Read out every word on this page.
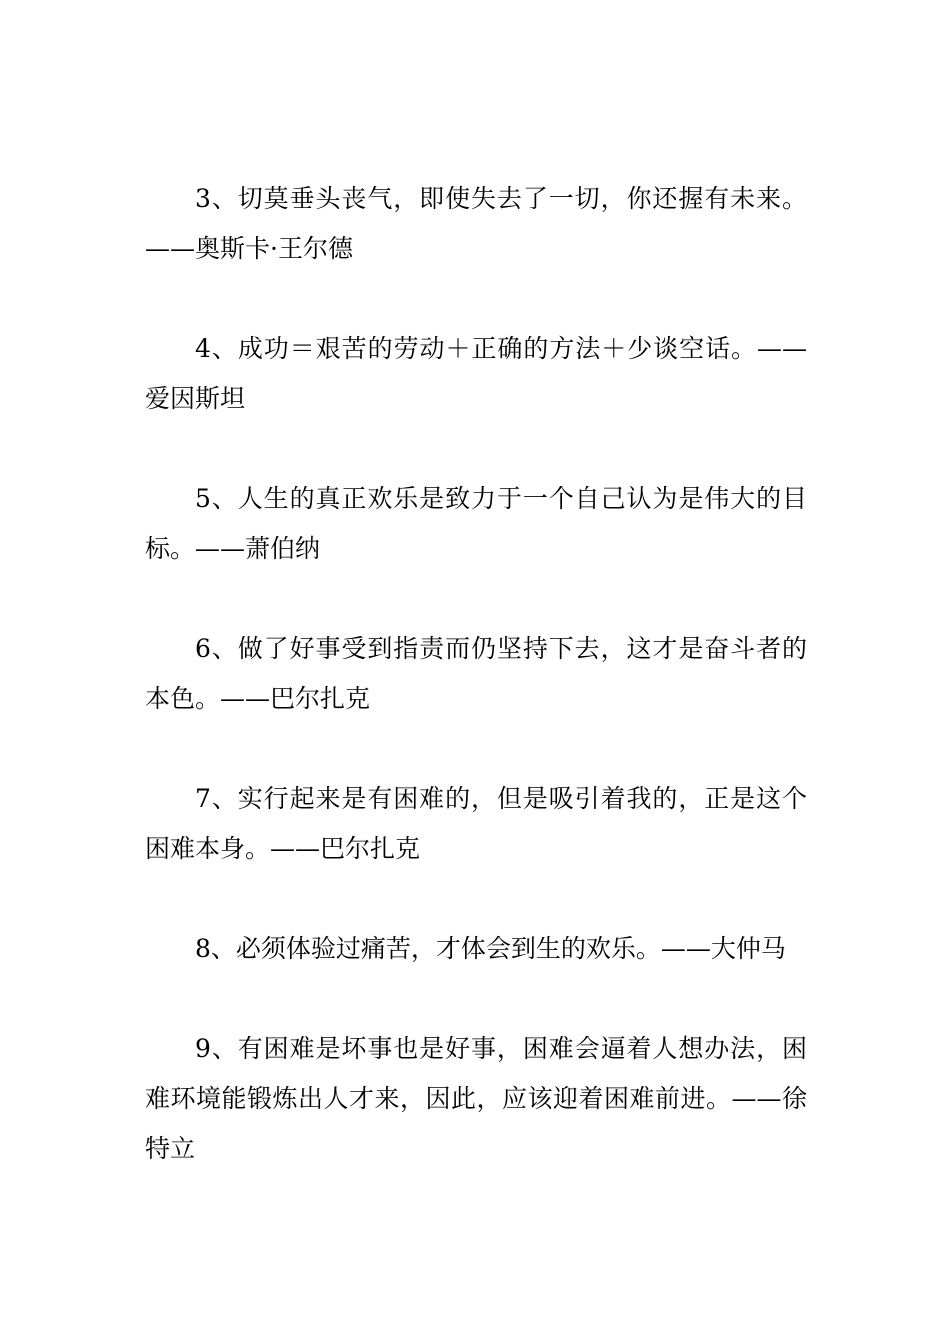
3、切莫垂头丧气，即使失去了一切，你还握有未来。——奥斯卡·王尔德

4、成功＝艰苦的劳动＋正确的方法＋少谈空话。——爱因斯坦

5、人生的真正欢乐是致力于一个自己认为是伟大的目标。——萧伯纳

6、做了好事受到指责而仍坚持下去，这才是奋斗者的本色。——巴尔扎克

7、实行起来是有困难的，但是吸引着我的，正是这个困难本身。——巴尔扎克

8、必须体验过痛苦，才体会到生的欢乐。——大仲马

9、有困难是坏事也是好事，困难会逼着人想办法，困难环境能锻炼出人才来，因此，应该迎着困难前进。——徐特立
